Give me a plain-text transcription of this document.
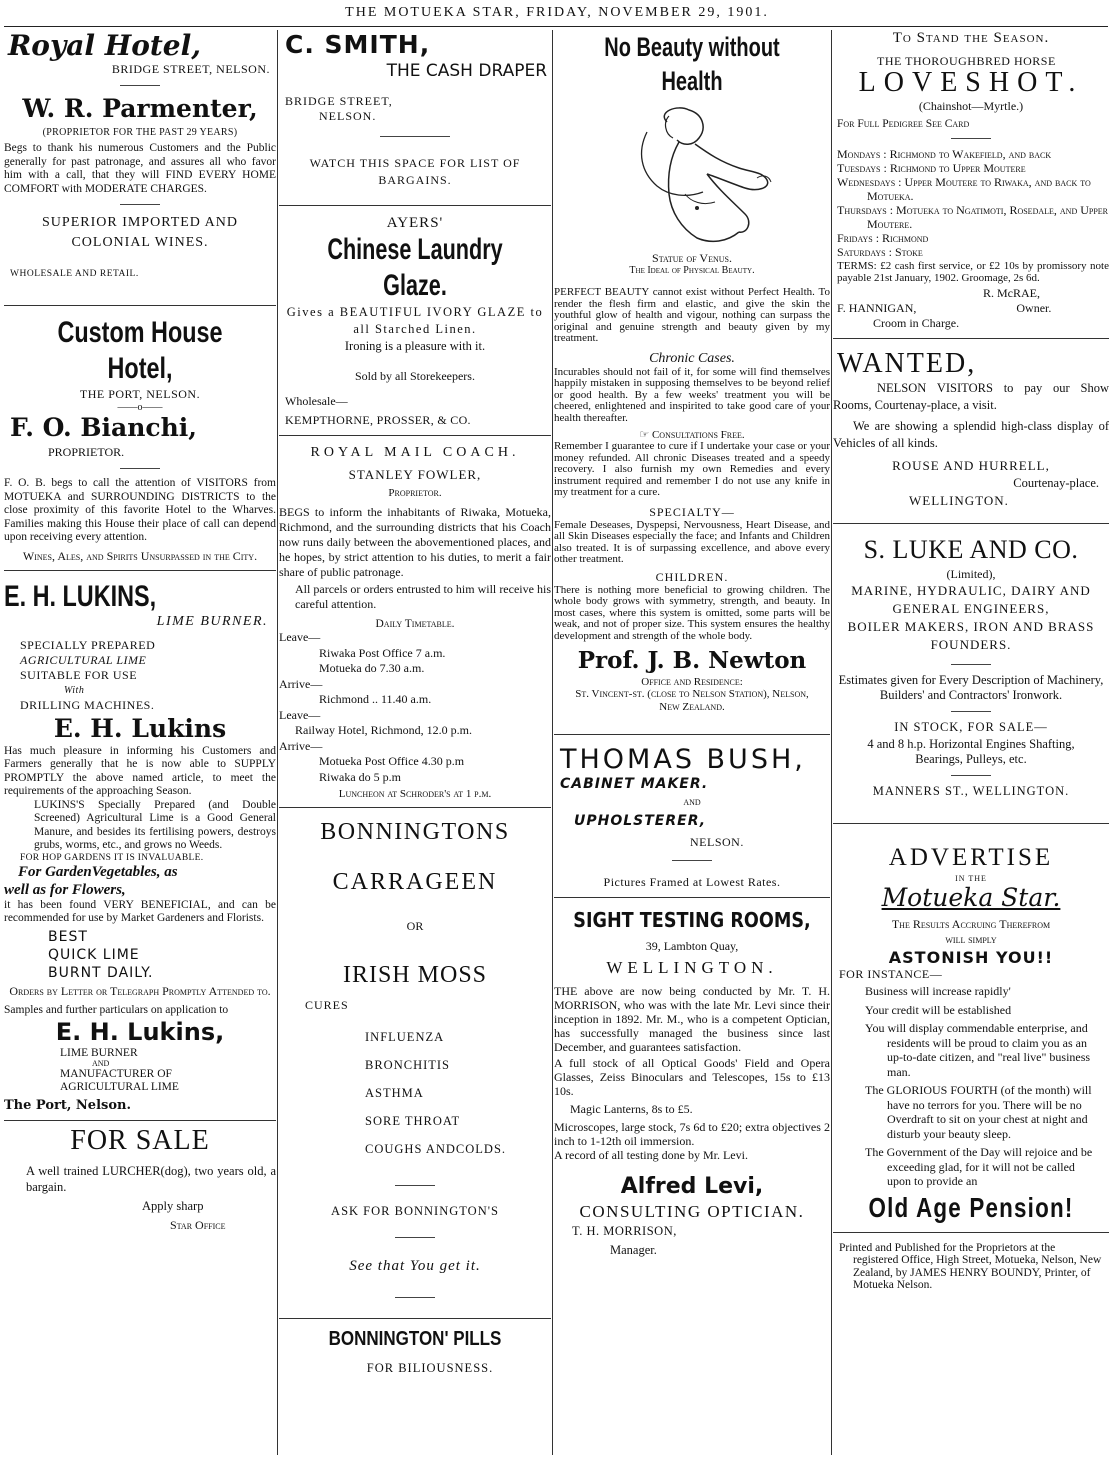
THE MOTUEKA STAR, FRIDAY, NOVEMBER 29, 1901.

Royal Hotel,

BRIDGE STREET, NELSON.

W. R. Parmenter,

(PROPRIETOR FOR THE PAST 29 YEARS)

Begs to thank his numerous Customers and the Public generally for past patronage, and assures all who favor him with a call, that they will FIND EVERY HOME COMFORT with MODERATE CHARGES.

SUPERIOR IMPORTED AND COLONIAL WINES.

WHOLESALE AND RETAIL.

Custom House Hotel,

THE PORT, NELSON.

——o——

F. O. Bianchi,

PROPRIETOR.

F. O. B. begs to call the attention of VISITORS from MOTUEKA and SURROUNDING DISTRICTS to the close proximity of this favorite Hotel to the Wharves. Families making this House their place of call can depend upon receiving every attention.

Wines, Ales, and Spirits Unsurpassed in the City.

E. H. LUKINS,

LIME BURNER.

SPECIALLY PREPARED

AGRICULTURAL LIME

SUITABLE FOR USE

With

DRILLING MACHINES.

E. H. Lukins

Has much pleasure in informing his Customers and Farmers generally that he is now able to SUPPLY PROMPTLY the above named article, to meet the requirements of the approaching Season.

LUKINS'S Specially Prepared (and Double Screened) Agricultural Lime is a Good General Manure, and besides its fertilising powers, destroys grubs, worms, etc., and grows no Weeds.

FOR HOP GARDENS IT IS INVALUABLE.

For GardenVegetables, as

well as for Flowers,

it has been found VERY BENEFICIAL, and can be recommended for use by Market Gardeners and Florists.

BEST

QUICK LIME

BURNT DAILY.

Orders by Letter or Telegraph Promptly Attended to.

Samples and further particulars on application to

E. H. Lukins,

LIME BURNER

AND

MANUFACTURER OF

AGRICULTURAL LIME

The Port, Nelson.

FOR SALE

A well trained LURCHER(dog), two years old, a bargain.

Apply sharp

Star Office

C. SMITH,

THE CASH DRAPER

BRIDGE STREET,

NELSON.

WATCH THIS SPACE FOR LIST OF BARGAINS.

AYERS'

Chinese Laundry Glaze.

Gives a BEAUTIFUL IVORY GLAZE to all Starched Linen.

Ironing is a pleasure with it.

Sold by all Storekeepers.

Wholesale—

KEMPTHORNE, PROSSER, & CO.

ROYAL MAIL COACH.

STANLEY FOWLER,

Proprietor.

BEGS to inform the inhabitants of Riwaka, Motueka, Richmond, and the surrounding districts that his Coach now runs daily between the abovementioned places, and he hopes, by strict attention to his duties, to merit a fair share of public patronage.

All parcels or orders entrusted to him will receive his careful attention.

Daily Timetable.

Leave—

Riwaka Post Office 7 a.m.

Motueka do 7.30 a.m.

Arrive—

Richmond .. 11.40 a.m.

Leave—

Railway Hotel, Richmond, 12.0 p.m.

Arrive—

Motueka Post Office 4.30 p.m

Riwaka do 5 p.m

Luncheon at Schroder's at 1 p.m.

BONNINGTONS

CARRAGEEN

OR

IRISH MOSS

CURES

INFLUENZA

BRONCHITIS

ASTHMA

SORE THROAT

COUGHS ANDCOLDS.

ASK FOR BONNINGTON'S

See that You get it.

BONNINGTON' PILLS

FOR BILIOUSNESS.

No Beauty without Health

Statue of Venus.

The Ideal of Physical Beauty.

PERFECT BEAUTY cannot exist without Perfect Health. To render the flesh firm and elastic, and give the skin the youthful glow of health and vigour, nothing can surpass the original and genuine strength and beauty given by my treatment.

Chronic Cases.

Incurables should not fail of it, for some will find themselves happily mistaken in supposing themselves to be beyond relief or good health. By a few weeks' treatment you will be cheered, enlightened and inspirited to take good care of your health thereafter.

☞ Consultations Free.

Remember I guarantee to cure if I undertake your case or your money refunded. All chronic Diseases treated and a speedy recovery. I also furnish my own Remedies and every instrument required and remember I do not use any knife in my treatment for a cure.

SPECIALTY—

Female Deseases, Dyspepsi, Nervousness, Heart Disease, and all Skin Diseases especially the face; and Infants and Children also treated. It is of surpassing excellence, and above every other treatment.

CHILDREN.

There is nothing more beneficial to growing children. The whole body grows with symmetry, strength, and beauty. In most cases, where this system is omitted, some parts will be weak, and not of proper size. This system ensures the healthy development and strength of the whole body.

Prof. J. B. Newton

Office and Residence:

St. Vincent-st. (close to Nelson Station), Nelson, New Zealand.

THOMAS BUSH,

CABINET MAKER.

AND

UPHOLSTERER,

NELSON.

Pictures Framed at Lowest Rates.

SIGHT TESTING ROOMS,

39, Lambton Quay,

WELLINGTON.

THE above are now being conducted by Mr. T. H. MORRISON, who was with the late Mr. Levi since their inception in 1892. Mr. M., who is a competent Optician, has successfully managed the business since last December, and guarantees satisfaction.

A full stock of all Optical Goods' Field and Opera Glasses, Zeiss Binoculars and Telescopes, 15s to £13 10s.

Magic Lanterns, 8s to £5.

Microscopes, large stock, 7s 6d to £20; extra objectives 2 inch to 1-12th oil immersion.

A record of all testing done by Mr. Levi.

Alfred Levi,

CONSULTING OPTICIAN.

T. H. MORRISON,

Manager.

To Stand the Season.

THE THOROUGHBRED HORSE

LOVESHOT.

(Chainshot—Myrtle.)

For Full Pedigree See Card

Mondays : Richmond to Wakefield, and back

Tuesdays : Richmond to Upper Moutere

Wednesdays : Upper Moutere to Riwaka, and back to Motueka.

Thursdays : Motueka to Ngatimoti, Rosedale, and Upper Moutere.

Fridays : Richmond

Saturdays : Stoke

TERMS: £2 cash first service, or £2 10s by promissory note payable 21st January, 1902. Groomage, 2s 6d.

R. McRAE,

F. HANNIGAN,	Owner.

Croom in Charge.

WANTED,

NELSON VISITORS to pay our Show Rooms, Courtenay-place, a visit.

We are showing a splendid high-class display of Vehicles of all kinds.

ROUSE AND HURRELL,

Courtenay-place.

WELLINGTON.

S. LUKE AND CO.

(Limited),

MARINE, HYDRAULIC, DAIRY AND GENERAL ENGINEERS,

BOILER MAKERS, IRON AND BRASS FOUNDERS.

Estimates given for Every Description of Machinery,

Builders' and Contractors' Ironwork.

IN STOCK, FOR SALE—

4 and 8 h.p. Horizontal Engines Shafting, Bearings, Pulleys, etc.

MANNERS ST., WELLINGTON.

ADVERTISE

IN THE

Motueka Star.

The Results Accruing Therefrom

will simply

ASTONISH YOU!!

FOR INSTANCE—

Business will increase rapidly'

Your credit will be established

You will display commendable enterprise, and residents will be proud to claim you as an up-to-date citizen, and "real live" business man.

The GLORIOUS FOURTH (of the month) will have no terrors for you. There will be no Overdraft to sit on your chest at night and disturb your beauty sleep.

The Government of the Day will rejoice and be exceeding glad, for it will not be called upon to provide an

Old Age Pension!

Printed and Published for the Proprietors at the registered Office, High Street, Motueka, Nelson, New Zealand, by JAMES HENRY BOUNDY, Printer, of Motueka Nelson.
